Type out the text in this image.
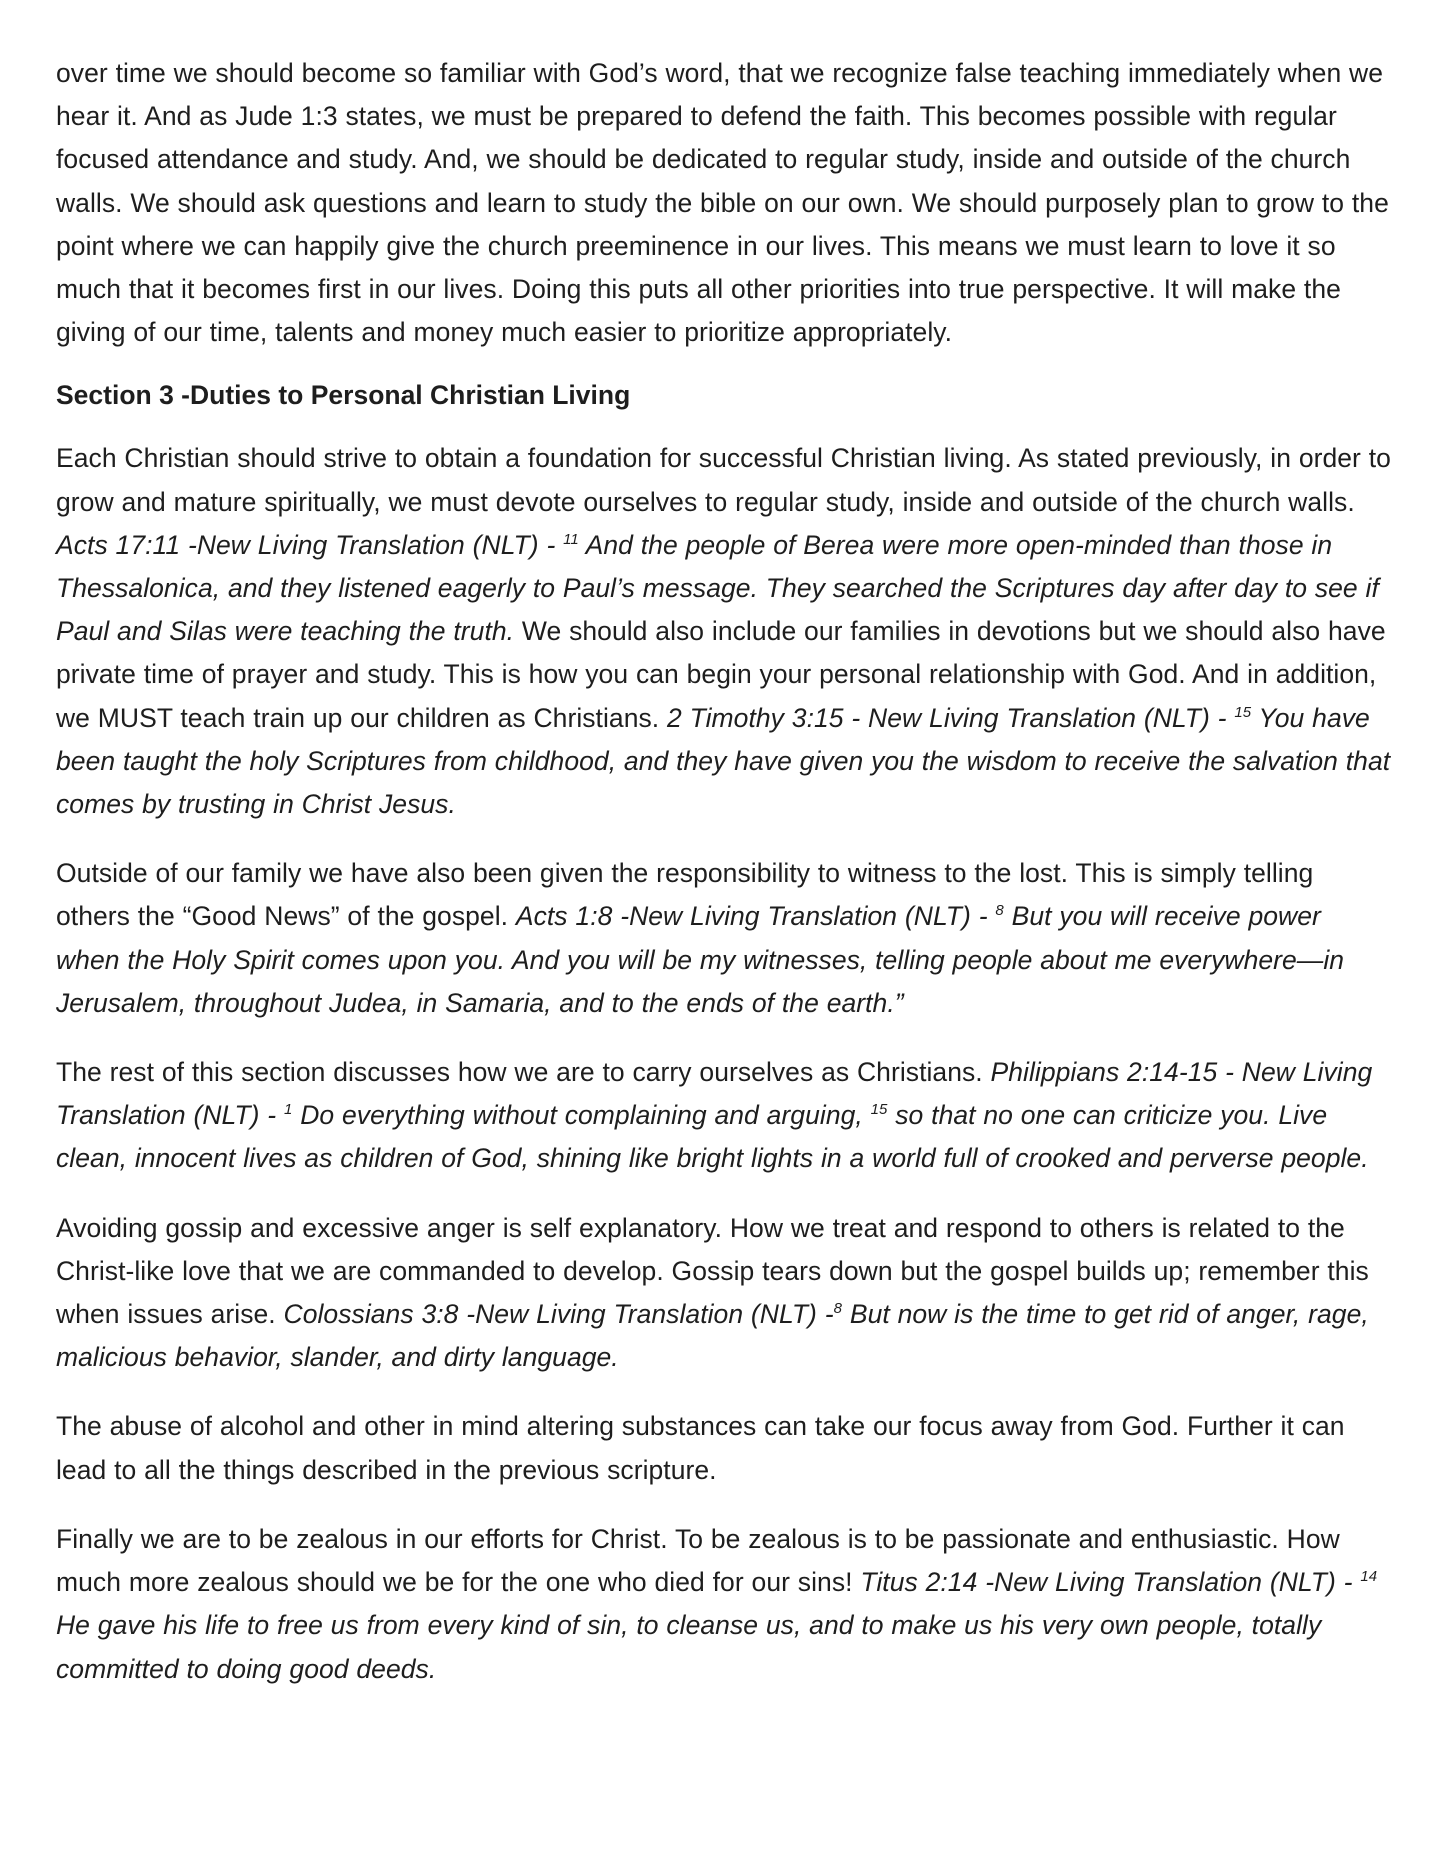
over time we should become so familiar with God’s word, that we recognize false teaching immediately when we hear it. And as Jude 1:3 states, we must be prepared to defend the faith. This becomes possible with regular focused attendance and study. And, we should be dedicated to regular study, inside and outside of the church walls. We should ask questions and learn to study the bible on our own. We should purposely plan to grow to the point where we can happily give the church preeminence in our lives. This means we must learn to love it so much that it becomes first in our lives. Doing this puts all other priorities into true perspective. It will make the giving of our time, talents and money much easier to prioritize appropriately.

Section 3 -Duties to Personal Christian Living

Each Christian should strive to obtain a foundation for successful Christian living. As stated previously, in order to grow and mature spiritually, we must devote ourselves to regular study, inside and outside of the church walls. Acts 17:11 -New Living Translation (NLT) - $^{11}$ And the people of Berea were more open-minded than those in Thessalonica, and they listened eagerly to Paul’s message. They searched the Scriptures day after day to see if Paul and Silas were teaching the truth. We should also include our families in devotions but we should also have private time of prayer and study. This is how you can begin your personal relationship with God. And in addition, we MUST teach train up our children as Christians. 2 Timothy 3:15 - New Living Translation (NLT) - $^{15}$ You have been taught the holy Scriptures from childhood, and they have given you the wisdom to receive the salvation that comes by trusting in Christ Jesus.

Outside of our family we have also been given the responsibility to witness to the lost. This is simply telling others the “Good News” of the gospel. Acts 1:8 -New Living Translation (NLT) - $^8$ But you will receive power when the Holy Spirit comes upon you. And you will be my witnesses, telling people about me everywhere—in Jerusalem, throughout Judea, in Samaria, and to the ends of the earth.”

The rest of this section discusses how we are to carry ourselves as Christians. Philippians 2:14-15 - New Living Translation (NLT) - $^1$ Do everything without complaining and arguing, $^{15}$ so that no one can criticize you. Live clean, innocent lives as children of God, shining like bright lights in a world full of crooked and perverse people.

Avoiding gossip and excessive anger is self explanatory. How we treat and respond to others is related to the Christ-like love that we are commanded to develop. Gossip tears down but the gospel builds up; remember this when issues arise. Colossians 3:8 -New Living Translation (NLT) -$^8$ But now is the time to get rid of anger, rage, malicious behavior, slander, and dirty language.

The abuse of alcohol and other in mind altering substances can take our focus away from God. Further it can lead to all the things described in the previous scripture.

Finally we are to be zealous in our efforts for Christ. To be zealous is to be passionate and enthusiastic. How much more zealous should we be for the one who died for our sins! Titus 2:14 -New Living Translation (NLT) - $^{14}$ He gave his life to free us from every kind of sin, to cleanse us, and to make us his very own people, totally committed to doing good deeds.
